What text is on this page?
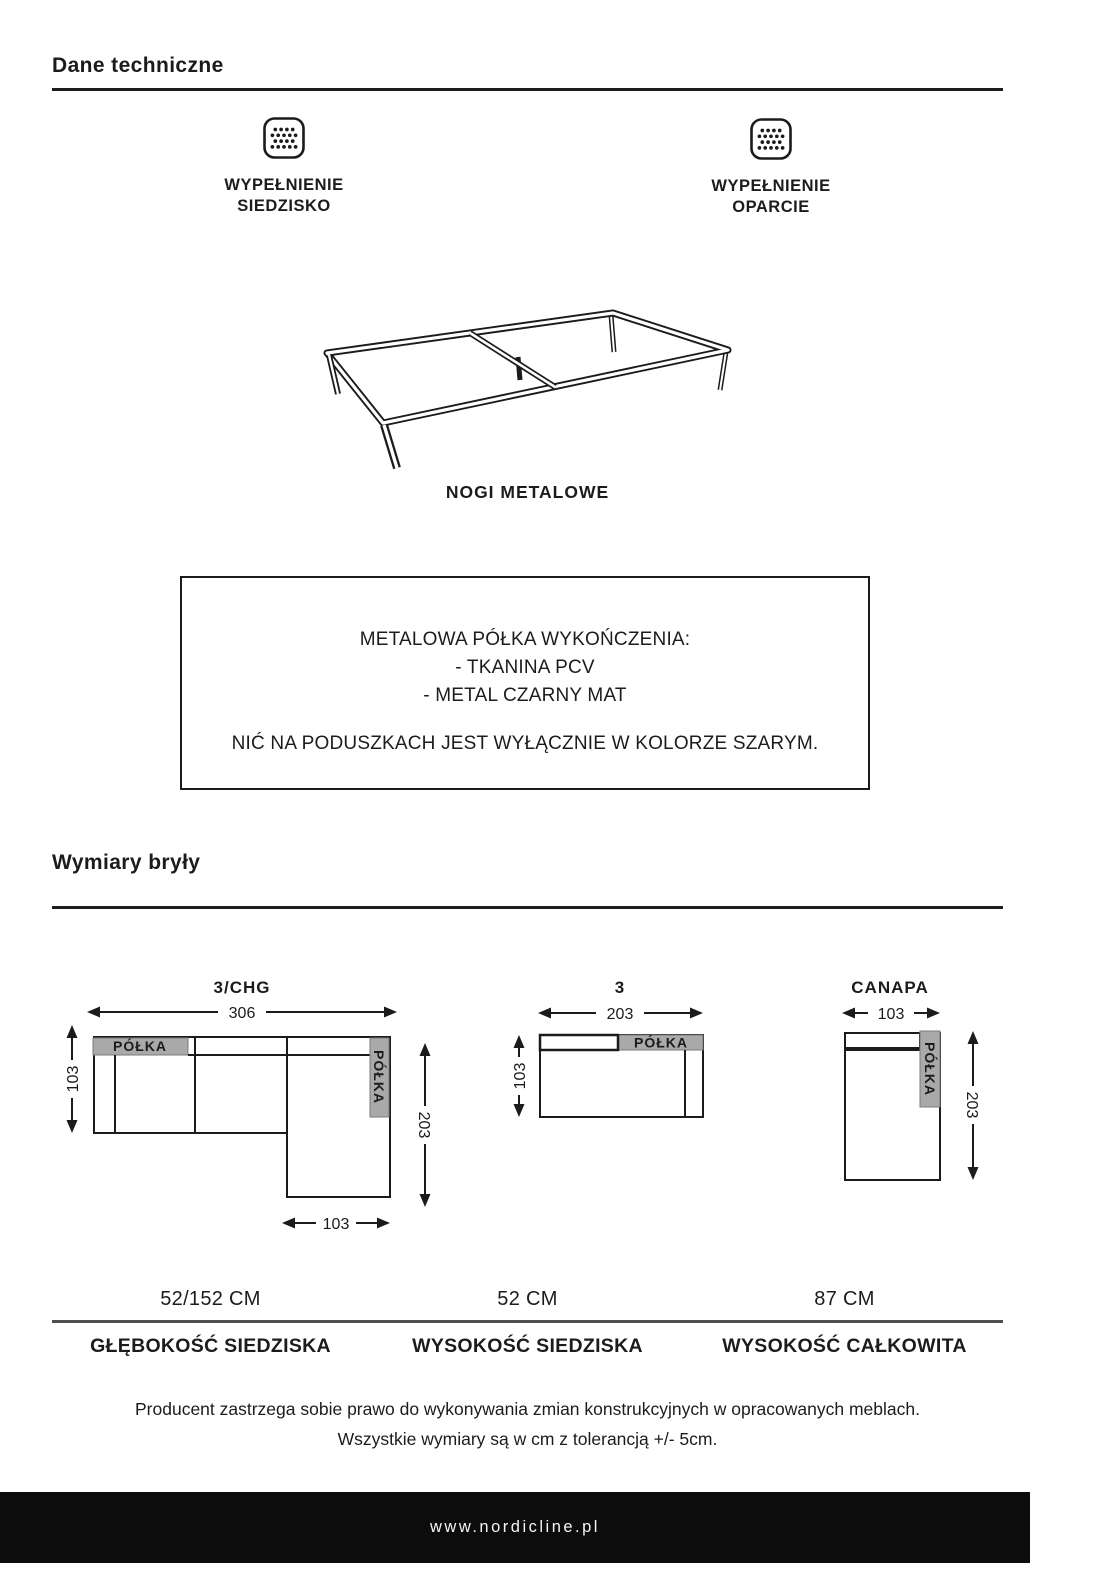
Dane techniczne
WYPEŁNIENIE
SIEDZISKO
WYPEŁNIENIE
OPARCIE
NOGI METALOWE
METALOWA PÓŁKA WYKOŃCZENIA:
- TKANINA PCV
- METAL CZARNY MAT
NIĆ NA PODUSZKACH JEST WYŁĄCZNIE W KOLORZE SZARYM.
Wymiary bryły
3/CHG
306
103
PÓŁKA
PÓŁKA
203
103
3
203
103
PÓŁKA
CANAPA
103
PÓŁKA
203
52/152 CM	52 CM	87 CM
GŁĘBOKOŚĆ SIEDZISKA	WYSOKOŚĆ SIEDZISKA	WYSOKOŚĆ CAŁKOWITA
Producent zastrzega sobie prawo do wykonywania zmian konstrukcyjnych w opracowanych meblach.
Wszystkie wymiary są w cm z tolerancją +/- 5cm.
www.nordicline.pl
